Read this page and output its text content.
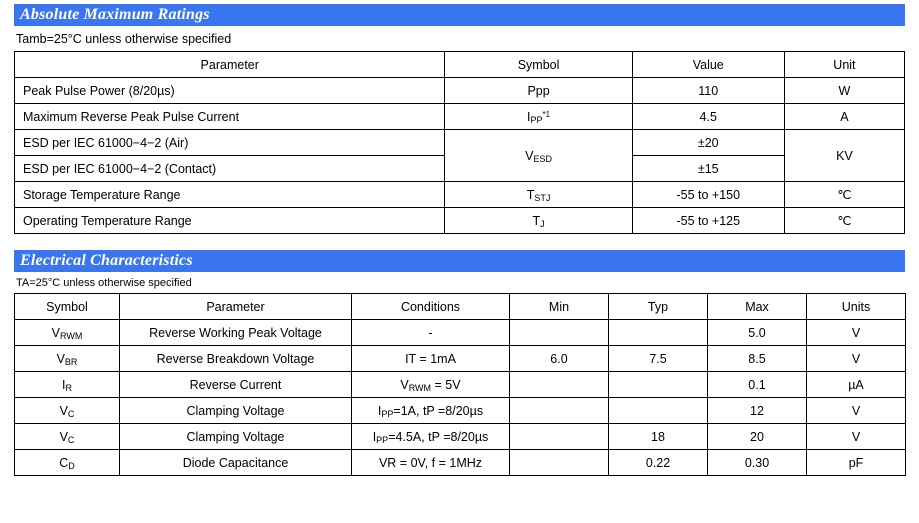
Absolute Maximum Ratings
Tamb=25°C unless otherwise specified
Parameter	Symbol	Value	Unit
Peak Pulse Power (8/20µs)	Ppp	110	W
Maximum Reverse Peak Pulse Current	$I_{PP}^{*1}$	4.5	A
ESD per IEC 61000−4−2 (Air)	$V_{ESD}$	±20	KV
ESD per IEC 61000−4−2 (Contact)		±15	
Storage Temperature Range	$T_{STJ}$	-55 to +150	℃
Operating Temperature Range	$T_J$	-55 to +125	℃
Electrical Characteristics
TA=25°C unless otherwise specified
Symbol	Parameter	Conditions	Min	Typ	Max	Units
$V_{RWM}$	Reverse Working Peak Voltage	-			5.0	V
$V_{BR}$	Reverse Breakdown Voltage	IT = 1mA	6.0	7.5	8.5	V
$I_R$	Reverse Current	$V_{RWM} = 5V$			0.1	µA
$V_C$	Clamping Voltage	$I_{PP}=1A$, tP =8/20µs			12	V
$V_C$	Clamping Voltage	$I_{PP}=4.5A$, tP =8/20µs		18	20	V
$C_D$	Diode Capacitance	VR = 0V, f = 1MHz		0.22	0.30	pF
